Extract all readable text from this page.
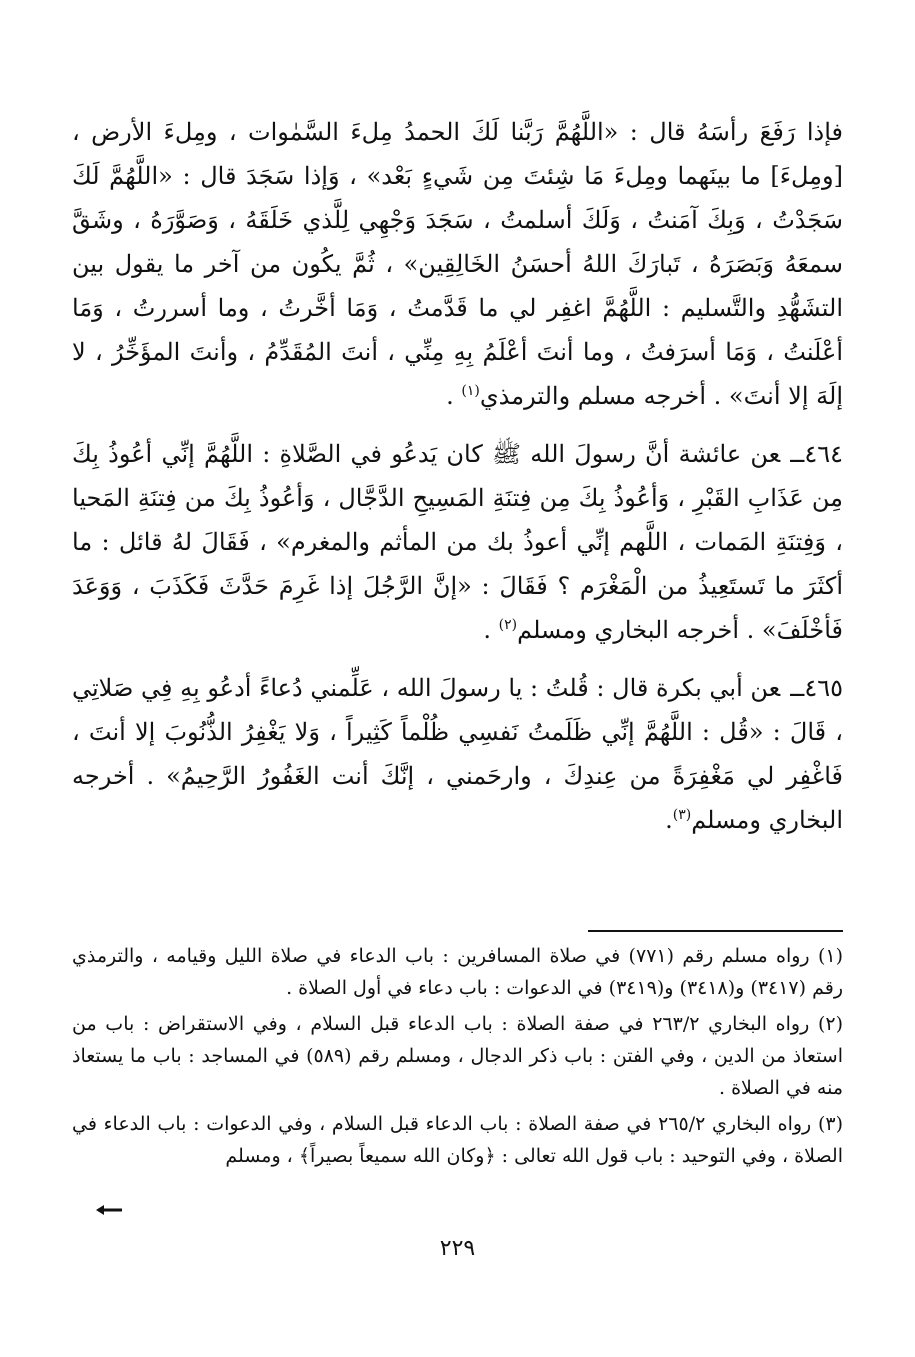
فإذا رَفَعَ رأسَهُ قال : «اللَّهُمَّ رَبَّنا لَكَ الحمدُ مِلءَ السَّمٰوات ، ومِلءَ الأرض ، [ومِلءَ] ما بينَهما ومِلءَ مَا شِئتَ مِن شَيءٍ بَعْد» ، وَإذا سَجَدَ قال : «اللَّهُمَّ لَكَ سَجَدْتُ ، وَبِكَ آمَنتُ ، وَلَكَ أسلمتُ ، سَجَدَ وَجْهِي لِلَّذي خَلَقَهُ ، وَصَوَّرَهُ ، وشَقَّ سمعَهُ وَبَصَرَهُ ، تَبارَكَ اللهُ أحسَنُ الخَالِقِين» ، ثُمَّ يكُون من آخر ما يقول بين التشَهُّدِ والتَّسليم : اللَّهُمَّ اغفِر لي ما قَدَّمتُ ، وَمَا أخَّرتُ ، وما أسررتُ ، وَمَا أعْلَنتُ ، وَمَا أسرَفتُ ، وما أنتَ أعْلَمُ بِهِ مِنِّي ، أنتَ المُقَدِّمُ ، وأنتَ المؤَخِّرُ ، لا إلَهَ إلا أنتَ» . أخرجه مسلم والترمذي$^{(١)}$ .

٤٦٤ــعن عائشة أنَّ رسولَ الله ﷺ كان يَدعُو في الصَّلاةِ : اللَّهُمَّ إنِّي أعُوذُ بِكَ مِن عَذَابِ القَبْرِ ، وَأعُوذُ بِكَ مِن فِتنَةِ المَسِيحِ الدَّجَّال ، وَأعُوذُ بِكَ من فِتنَةِ المَحيا ، وَفِتنَةِ المَمات ، اللَّهم إنِّي أعوذُ بك من المأثم والمغرم» ، فَقَالَ لهُ قائل : ما أكثَرَ ما تَستَعِيذُ من الْمَغْرَم ؟ فَقَالَ : «إنَّ الرَّجُلَ إذا غَرِمَ حَدَّثَ فَكَذَبَ ، وَوَعَدَ فَأخْلَفَ» . أخرجه البخاري ومسلم$^{(٢)}$ .

٤٦٥ــعن أبي بكرة قال : قُلتُ : يا رسولَ الله ، عَلِّمني دُعاءً أدعُو بِهِ فِي صَلاتِي ، قَالَ : «قُل : اللَّهُمَّ إنِّي ظَلَمتُ نَفسِي ظُلْماً كَثِيراً ، وَلا يَغْفِرُ الذُّنُوبَ إلا أنتَ ، فَاغْفِر لي مَغْفِرَةً من عِندِكَ ، وارحَمني ، إنَّكَ أنت الغَفُورُ الرَّحِيمُ» . أخرجه البخاري ومسلم$^{(٣)}$.

(١) رواه مسلم رقم (٧٧١) في صلاة المسافرين : باب الدعاء في صلاة الليل وقيامه ، والترمذي رقم (٣٤١٧) و(٣٤١٨) و(٣٤١٩) في الدعوات : باب دعاء في أول الصلاة .

(٢) رواه البخاري ٢٦٣/٢ في صفة الصلاة : باب الدعاء قبل السلام ، وفي الاستقراض : باب من استعاذ من الدين ، وفي الفتن : باب ذكر الدجال ، ومسلم رقم (٥٨٩) في المساجد : باب ما يستعاذ منه في الصلاة .

(٣) رواه البخاري ٢٦٥/٢ في صفة الصلاة : باب الدعاء قبل السلام ، وفي الدعوات : باب الدعاء في الصلاة ، وفي التوحيد : باب قول الله تعالى : ﴿وكان الله سميعاً بصيراً﴾ ، ومسلم

٢٢٩
